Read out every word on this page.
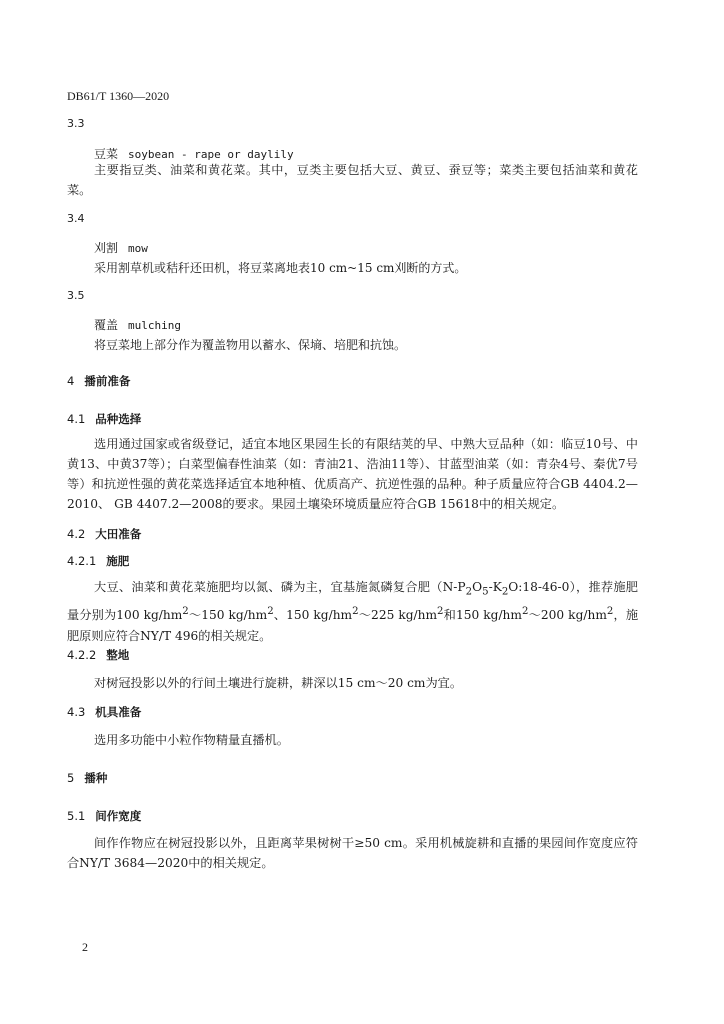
DB61/T 1360—2020
3.3
豆菜 soybean - rape or daylily

主要指豆类、油菜和黄花菜。其中，豆类主要包括大豆、黄豆、蚕豆等；菜类主要包括油菜和黄花菜。

3.4
刈割 mow
采用割草机或秸秆还田机，将豆菜离地表10 cm~15 cm刈断的方式。
3.5
覆盖 mulching
将豆菜地上部分作为覆盖物用以蓄水、保墒、培肥和抗蚀。
4 播前准备
4.1 品种选择

选用通过国家或省级登记，适宜本地区果园生长的有限结荚的早、中熟大豆品种（如：临豆10号、中黄13、中黄37等）；白菜型偏春性油菜（如：青油21、浩油11等）、甘蓝型油菜（如：青杂4号、秦优7号等）和抗逆性强的黄花菜选择适宜本地种植、优质高产、抗逆性强的品种。种子质量应符合GB 4404.2—2010、 GB 4407.2—2008的要求。果园土壤染环境质量应符合GB 15618中的相关规定。

4.2 大田准备
4.2.1 施肥

大豆、油菜和黄花菜施肥均以氮、磷为主，宜基施氮磷复合肥$(N-P_2O_5-K_2O:18-46-0)$，推荐施肥量分别为100 $kg/hm^2\sim 150$ $kg/hm^2$、150 $kg/hm^2\sim 225$ $kg/hm^2$和150 $kg/hm^2\sim 200$ $kg/hm^2$，施肥原则应符合NY/T 496的相关规定。

4.2.2 整地

对树冠投影以外的行间土壤进行旋耕，耕深以15 cm～20 cm为宜。

4.3 机具准备

选用多功能中小粒作物精量直播机。

5 播种
5.1 间作宽度

间作作物应在树冠投影以外，且距离苹果树树干≥50 cm。采用机械旋耕和直播的果园间作宽度应符合NY/T 3684—2020中的相关规定。

2
